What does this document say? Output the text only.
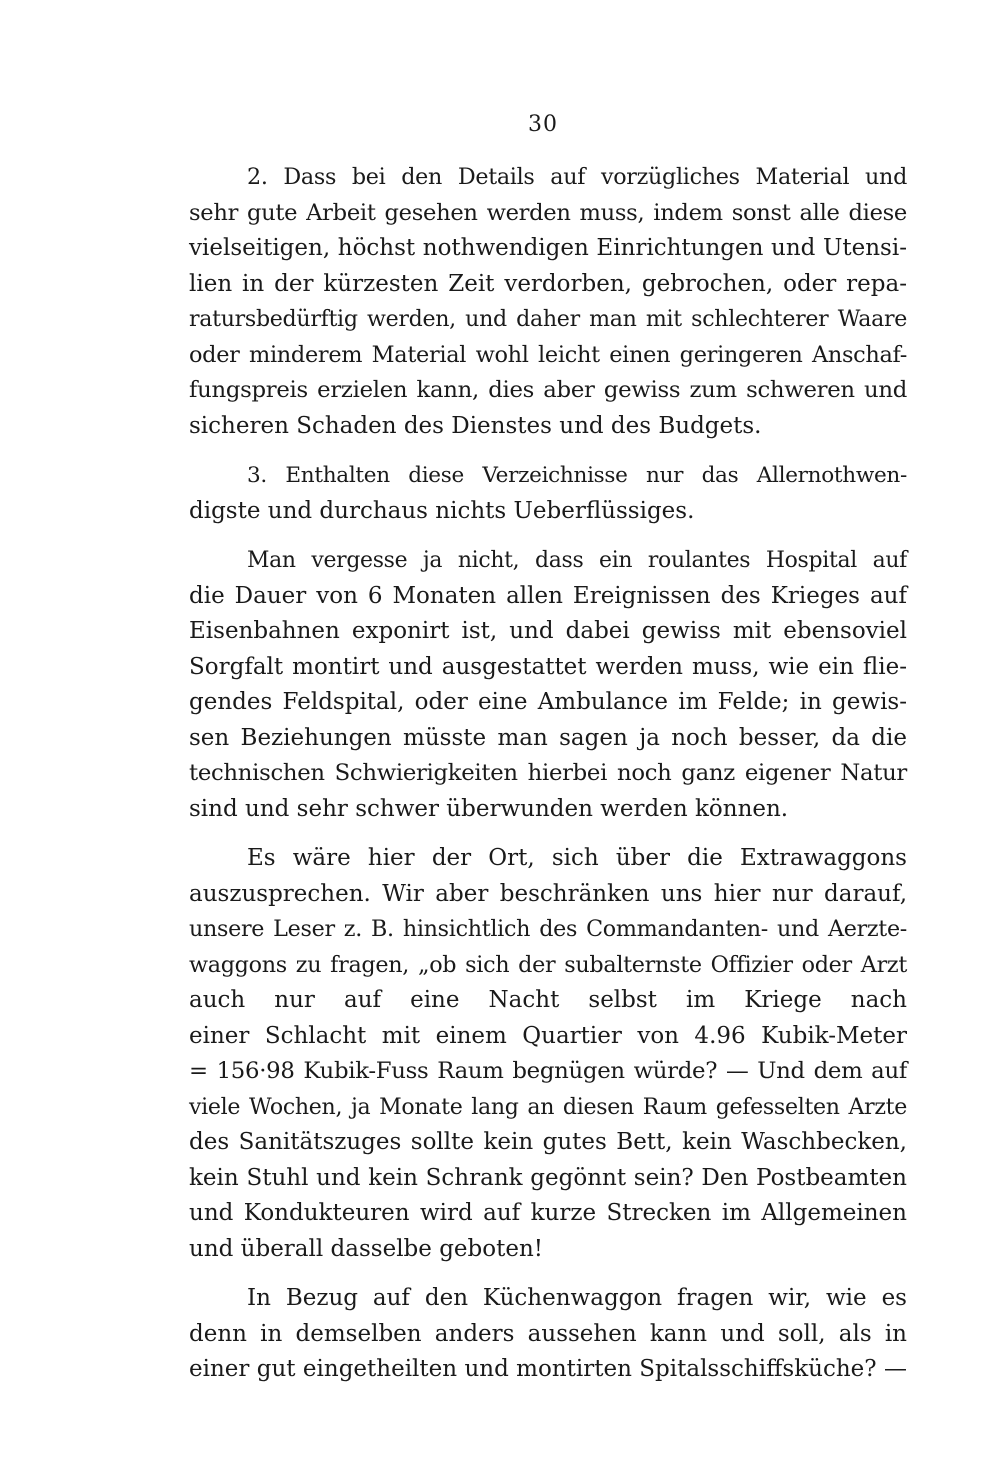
30

2. Dass bei den Details auf vorzügliches Material und
sehr gute Arbeit gesehen werden muss, indem sonst alle diese
vielseitigen, höchst nothwendigen Einrichtungen und Utensi-
lien in der kürzesten Zeit verdorben, gebrochen, oder repa-
ratursbedürftig werden, und daher man mit schlechterer Waare
oder minderem Material wohl leicht einen geringeren Anschaf-
fungspreis erzielen kann, dies aber gewiss zum schweren und
sicheren Schaden des Dienstes und des Budgets.

3. Enthalten diese Verzeichnisse nur das Allernothwen-
digste und durchaus nichts Ueberflüssiges.

Man vergesse ja nicht, dass ein roulantes Hospital auf
die Dauer von 6 Monaten allen Ereignissen des Krieges auf
Eisenbahnen exponirt ist, und dabei gewiss mit ebensoviel
Sorgfalt montirt und ausgestattet werden muss, wie ein flie-
gendes Feldspital, oder eine Ambulance im Felde; in gewis-
sen Beziehungen müsste man sagen ja noch besser, da die
technischen Schwierigkeiten hierbei noch ganz eigener Natur
sind und sehr schwer überwunden werden können.

Es wäre hier der Ort, sich über die Extrawaggons
auszusprechen. Wir aber beschränken uns hier nur darauf,
unsere Leser z. B. hinsichtlich des Commandanten- und Aerzte-
waggons zu fragen, „ob sich der subalternste Offizier oder Arzt
auch nur auf eine Nacht selbst im Kriege nach
einer Schlacht mit einem Quartier von 4.96 Kubik-Meter
= 156·98 Kubik-Fuss Raum begnügen würde? — Und dem auf
viele Wochen, ja Monate lang an diesen Raum gefesselten Arzte
des Sanitätszuges sollte kein gutes Bett, kein Waschbecken,
kein Stuhl und kein Schrank gegönnt sein? Den Postbeamten
und Kondukteuren wird auf kurze Strecken im Allgemeinen
und überall dasselbe geboten!

In Bezug auf den Küchenwaggon fragen wir, wie es
denn in demselben anders aussehen kann und soll, als in
einer gut eingetheilten und montirten Spitalsschiffsküche? —
